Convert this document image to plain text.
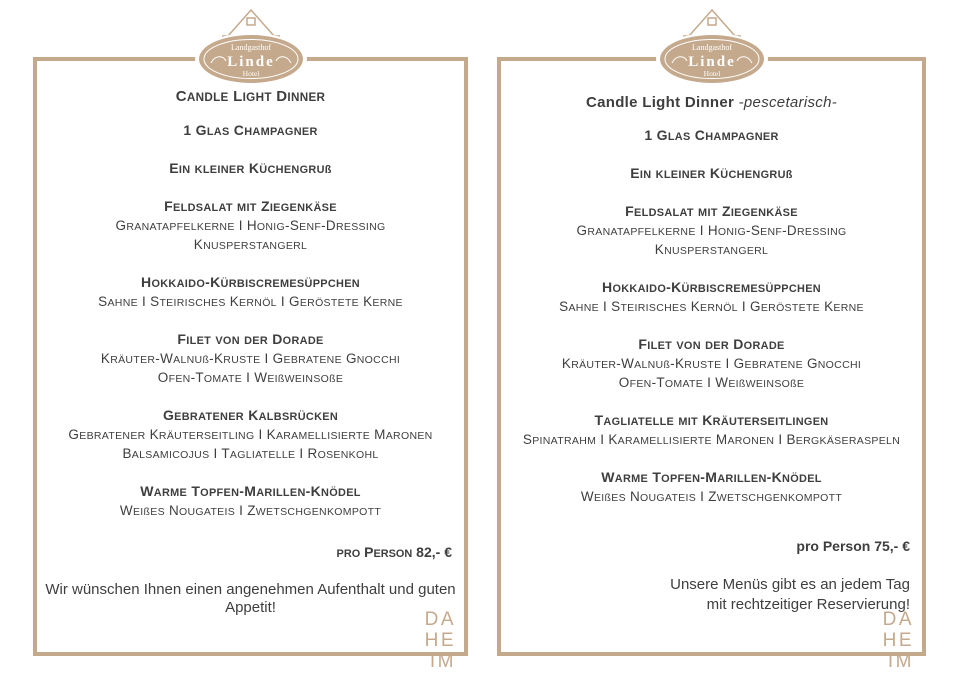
Landgasthof
Linde
Hotel
CANDLE LIGHT DINNER
1 GLAS CHAMPAGNER
EIN KLEINER KÜCHENGRUß
FELDSALAT MIT ZIEGENKÄSE
GRANATAPFELKERNE I HONIG-SENF-DRESSING
KNUSPERSTANGERL
HOKKAIDO-KÜRBISCREMESÜPPCHEN
SAHNE I STEIRISCHES KERNÖL I GERÖSTETE KERNE
FILET VON DER DORADE
KRÄUTER-WALNUß-KRUSTE I GEBRATENE GNOCCHI
OFEN-TOMATE I WEIßWEINSOßE
GEBRATENER KALBSRÜCKEN
GEBRATENER KRÄUTERSEITLING I KARAMELLISIERTE MARONEN
BALSAMICOJUS I TAGLIATELLE I ROSENKOHL
WARME TOPFEN-MARILLEN-KNÖDEL
WEIßES NOUGATEIS I ZWETSCHGENKOMPOTT
PRO PERSON 82,- €
Wir wünschen Ihnen einen angenehmen Aufenthalt und guten
Appetit!
DA
HE
IM
Landgasthof
Linde
Hotel
Candle Light Dinner -pescetarisch-
1 GLAS CHAMPAGNER
EIN KLEINER KÜCHENGRUß
FELDSALAT MIT ZIEGENKÄSE
GRANATAPFELKERNE I HONIG-SENF-DRESSING
KNUSPERSTANGERL
HOKKAIDO-KÜRBISCREMESÜPPCHEN
SAHNE I STEIRISCHES KERNÖL I GERÖSTETE KERNE
FILET VON DER DORADE
KRÄUTER-WALNUß-KRUSTE I GEBRATENE GNOCCHI
OFEN-TOMATE I WEIßWEINSOßE
TAGLIATELLE MIT KRÄUTERSEITLINGEN
SPINATRAHM I KARAMELLISIERTE MARONEN I BERGKÄSERASPELN
WARME TOPFEN-MARILLEN-KNÖDEL
WEIßES NOUGATEIS I ZWETSCHGENKOMPOTT
pro Person 75,- €
Unsere Menüs gibt es an jedem Tag
mit rechtzeitiger Reservierung!
DA
HE
IM
